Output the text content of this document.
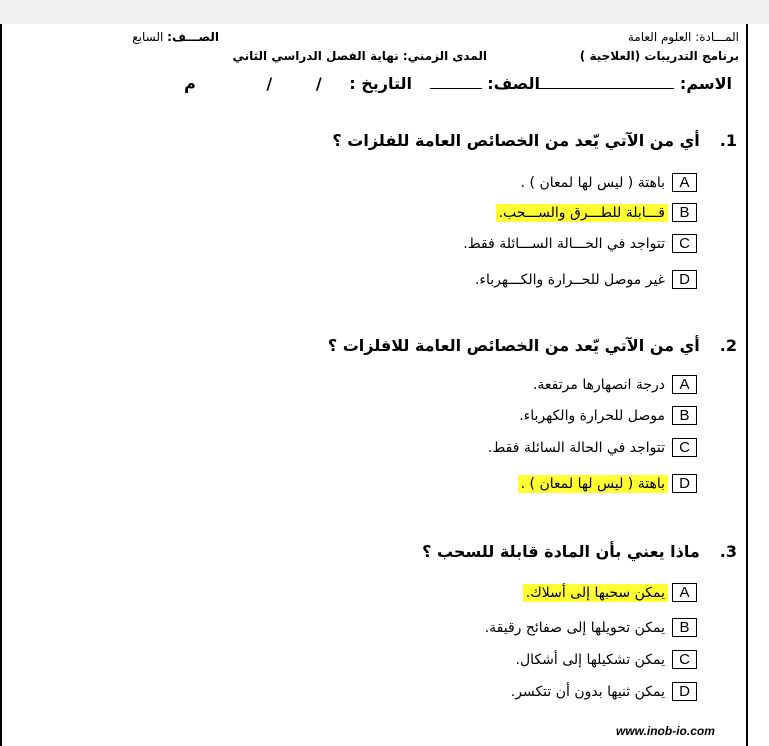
المـــادة: العلوم العامة
الصـــف: السابع
برنامج التدريبات (العلاجية )
المدى الزمني: نهاية الفصل الدراسي الثاني
الاسم:
الصف:
التاريخ : / / م
1.أي من الآتي يّعد من الخصائص العامة للفلزات ؟
A
باهتة ( ليس لها لمعان ) .
B
قـــابلة للطـــرق والســـحب.
C
تتواجد في الحـــالة الســـائلة فقط.
D
غير موصل للحــرارة والكـــهرباء.
2.أي من الآتي يّعد من الخصائص العامة للافلزات ؟
A
درجة انصهارها مرتفعة.
B
موصل للحرارة والكهرباء.
C
تتواجد في الحالة السائلة فقط.
D
باهتة ( ليس لها لمعان ) .
3.ماذا يعني بأن المادة قابلة للسحب ؟
A
يمكن سحبها إلى أسلاك.
B
يمكن تحويلها إلى صفائح رقيقة.
C
يمكن تشكيلها إلى أشكال.
D
يمكن ثنيها بدون أن تتكسر.
www.inob-io.com
